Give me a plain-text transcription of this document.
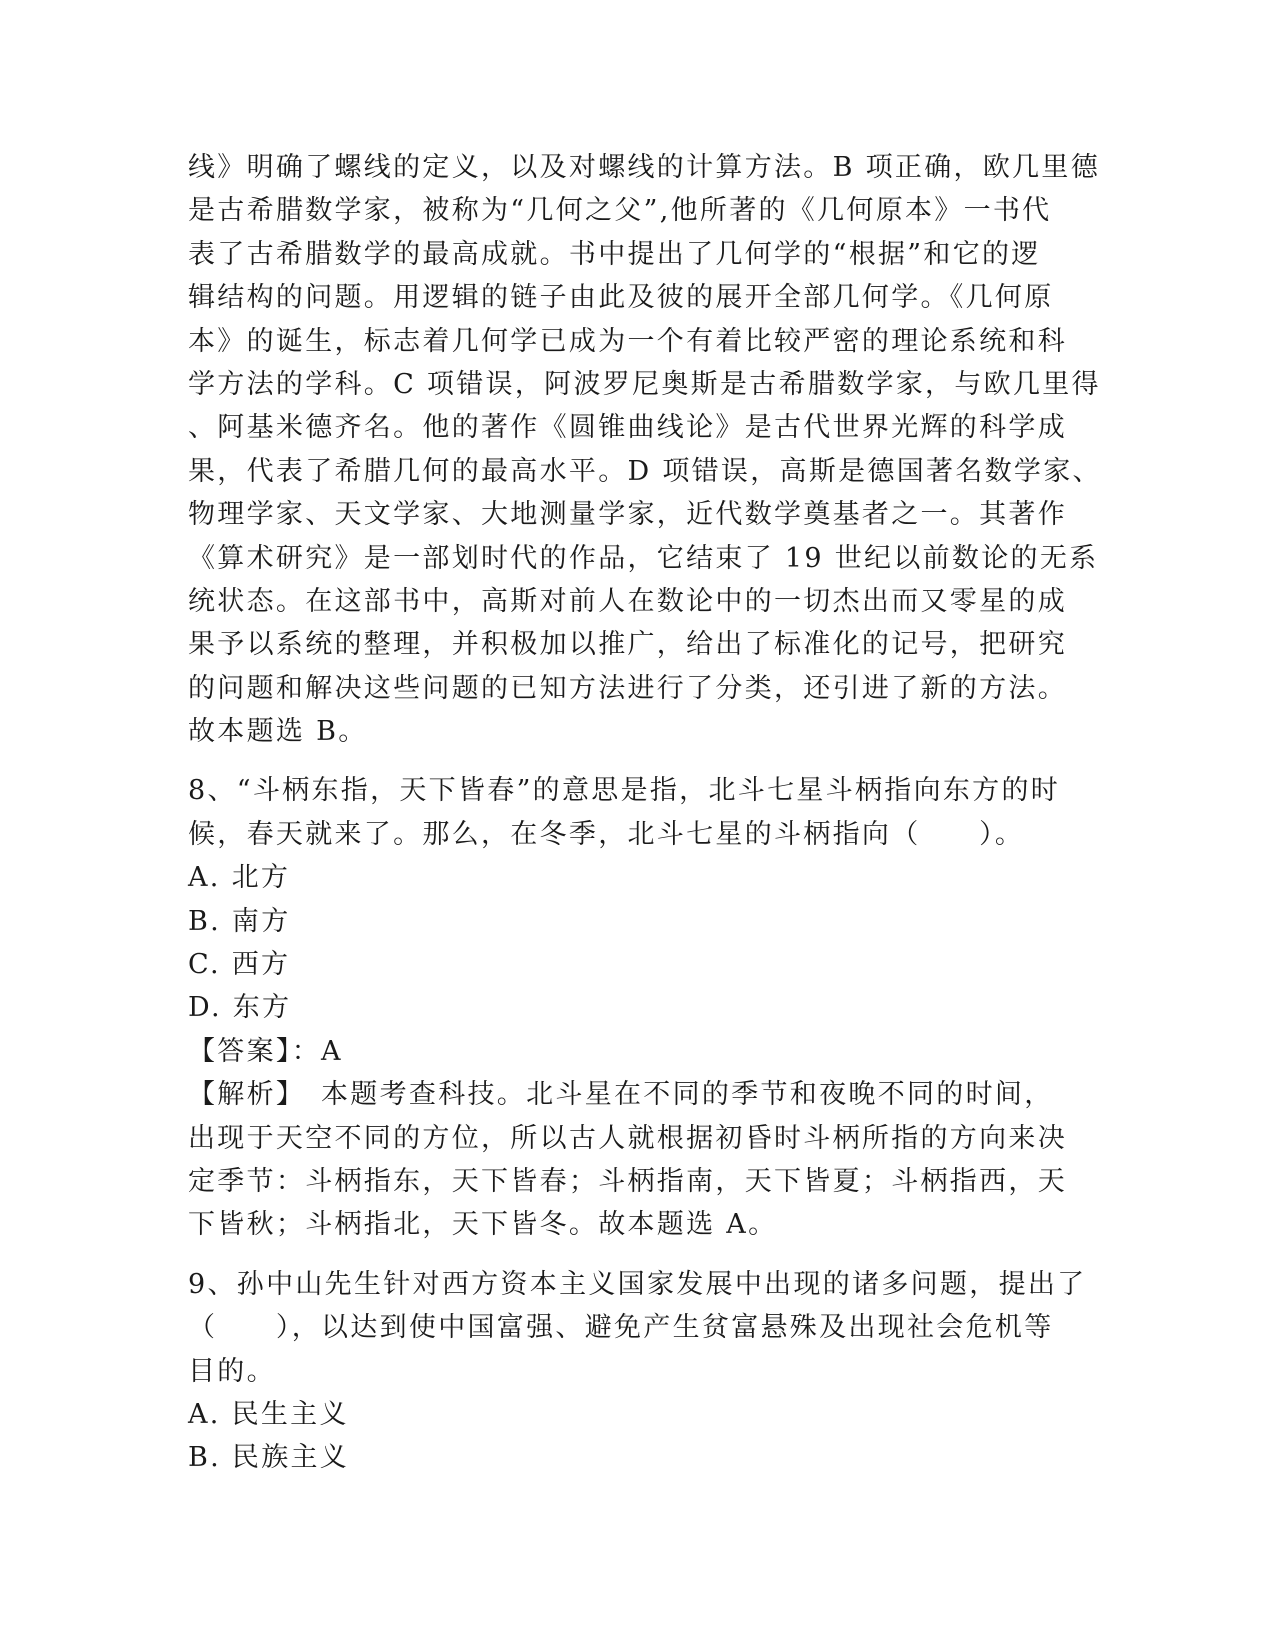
线》明确了螺线的定义，以及对螺线的计算方法。B 项正确，欧几里德
是古希腊数学家，被称为“几何之父”,他所著的《几何原本》一书代
表了古希腊数学的最高成就。书中提出了几何学的“根据”和它的逻
辑结构的问题。用逻辑的链子由此及彼的展开全部几何学。《几何原
本》的诞生，标志着几何学已成为一个有着比较严密的理论系统和科
学方法的学科。C 项错误，阿波罗尼奥斯是古希腊数学家，与欧几里得
、阿基米德齐名。他的著作《圆锥曲线论》是古代世界光辉的科学成
果，代表了希腊几何的最高水平。D 项错误，高斯是德国著名数学家、
物理学家、天文学家、大地测量学家，近代数学奠基者之一。其著作
《算术研究》是一部划时代的作品，它结束了 19 世纪以前数论的无系
统状态。在这部书中，高斯对前人在数论中的一切杰出而又零星的成
果予以系统的整理，并积极加以推广，给出了标准化的记号，把研究
的问题和解决这些问题的已知方法进行了分类，还引进了新的方法。
故本题选 B。
8、“斗柄东指，天下皆春”的意思是指，北斗七星斗柄指向东方的时
候，春天就来了。那么，在冬季，北斗七星的斗柄指向（　　）。
A. 北方
B. 南方
C. 西方
D. 东方
【答案】：A
【解析】　本题考查科技。北斗星在不同的季节和夜晚不同的时间，
出现于天空不同的方位，所以古人就根据初昏时斗柄所指的方向来决
定季节：斗柄指东，天下皆春；斗柄指南，天下皆夏；斗柄指西，天
下皆秋；斗柄指北，天下皆冬。故本题选 A。
9、孙中山先生针对西方资本主义国家发展中出现的诸多问题，提出了
（　　），以达到使中国富强、避免产生贫富悬殊及出现社会危机等
目的。
A. 民生主义
B. 民族主义
